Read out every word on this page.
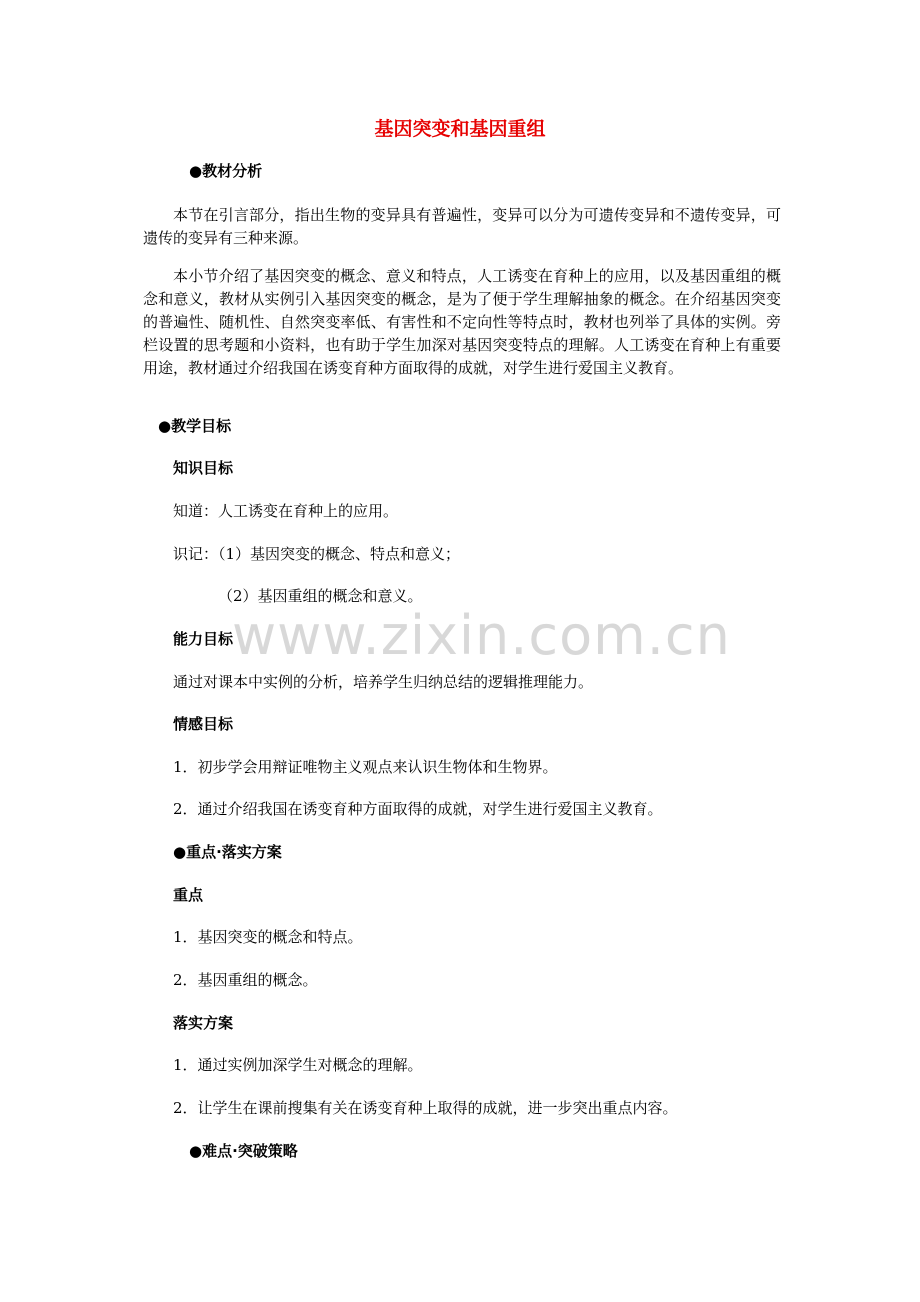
www.zixin.com.cn
基因突变和基因重组

●教材分析

本节在引言部分，指出生物的变异具有普遍性，变异可以分为可遗传变异和不遗传变异，可遗传的变异有三种来源。

本小节介绍了基因突变的概念、意义和特点，人工诱变在育种上的应用，以及基因重组的概念和意义，教材从实例引入基因突变的概念，是为了便于学生理解抽象的概念。在介绍基因突变的普遍性、随机性、自然突变率低、有害性和不定向性等特点时，教材也列举了具体的实例。旁栏设置的思考题和小资料，也有助于学生加深对基因突变特点的理解。人工诱变在育种上有重要用途，教材通过介绍我国在诱变育种方面取得的成就，对学生进行爱国主义教育。

●教学目标

知识目标

知道：人工诱变在育种上的应用。

识记：（1）基因突变的概念、特点和意义；

（2）基因重组的概念和意义。

能力目标

通过对课本中实例的分析，培养学生归纳总结的逻辑推理能力。

情感目标

1．初步学会用辩证唯物主义观点来认识生物体和生物界。

2．通过介绍我国在诱变育种方面取得的成就，对学生进行爱国主义教育。

●重点·落实方案

重点

1．基因突变的概念和特点。

2．基因重组的概念。

落实方案

1．通过实例加深学生对概念的理解。

2．让学生在课前搜集有关在诱变育种上取得的成就，进一步突出重点内容。

●难点·突破策略
